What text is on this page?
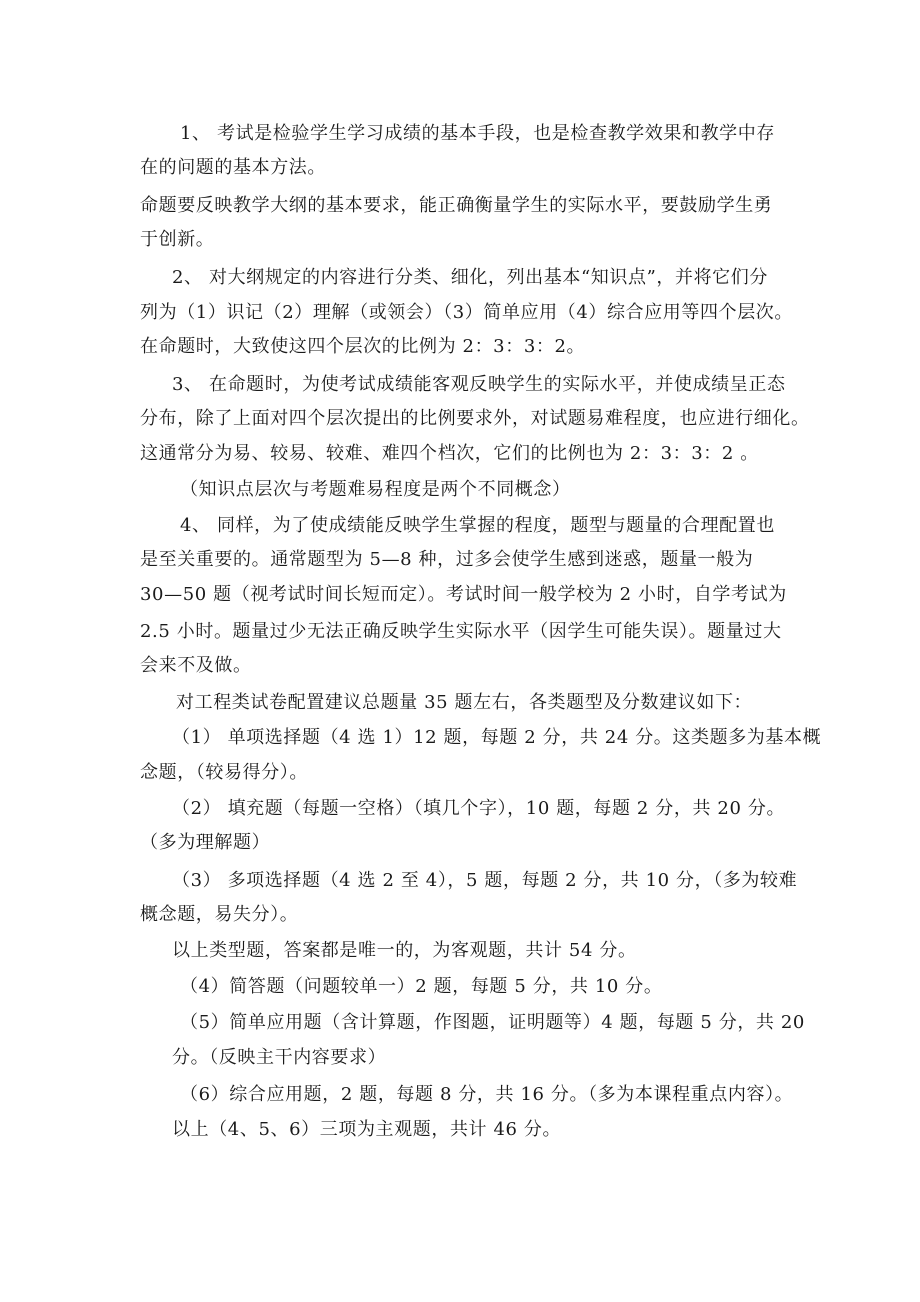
1、 考试是检验学生学习成绩的基本手段，也是检查教学效果和教学中存
在的问题的基本方法。
命题要反映教学大纲的基本要求，能正确衡量学生的实际水平，要鼓励学生勇
于创新。
2、 对大纲规定的内容进行分类、细化，列出基本“知识点”，并将它们分
列为（1）识记（2）理解（或领会）（3）简单应用（4）综合应用等四个层次。
在命题时，大致使这四个层次的比例为 2：3：3：2。
3、 在命题时，为使考试成绩能客观反映学生的实际水平，并使成绩呈正态
分布，除了上面对四个层次提出的比例要求外，对试题易难程度，也应进行细化。
这通常分为易、较易、较难、难四个档次，它们的比例也为 2：3：3：2 。
（知识点层次与考题难易程度是两个不同概念）
4、 同样，为了使成绩能反映学生掌握的程度，题型与题量的合理配置也
是至关重要的。通常题型为 5—8 种，过多会使学生感到迷惑，题量一般为
30—50 题（视考试时间长短而定）。考试时间一般学校为 2 小时，自学考试为
2.5 小时。题量过少无法正确反映学生实际水平（因学生可能失误）。题量过大
会来不及做。
对工程类试卷配置建议总题量 35 题左右，各类题型及分数建议如下：
（1） 单项选择题（4 选 1）12 题，每题 2 分，共 24 分。这类题多为基本概
念题，（较易得分）。
（2） 填充题（每题一空格）（填几个字），10 题，每题 2 分，共 20 分。
（多为理解题）
（3） 多项选择题（4 选 2 至 4），5 题，每题 2 分，共 10 分，（多为较难
概念题，易失分）。
以上类型题，答案都是唯一的，为客观题，共计 54 分。
（4）简答题（问题较单一）2 题，每题 5 分，共 10 分。
（5）简单应用题（含计算题，作图题，证明题等）4 题，每题 5 分，共 20
分。（反映主干内容要求）
（6）综合应用题，2 题，每题 8 分，共 16 分。（多为本课程重点内容）。
以上（4、5、6）三项为主观题，共计 46 分。
